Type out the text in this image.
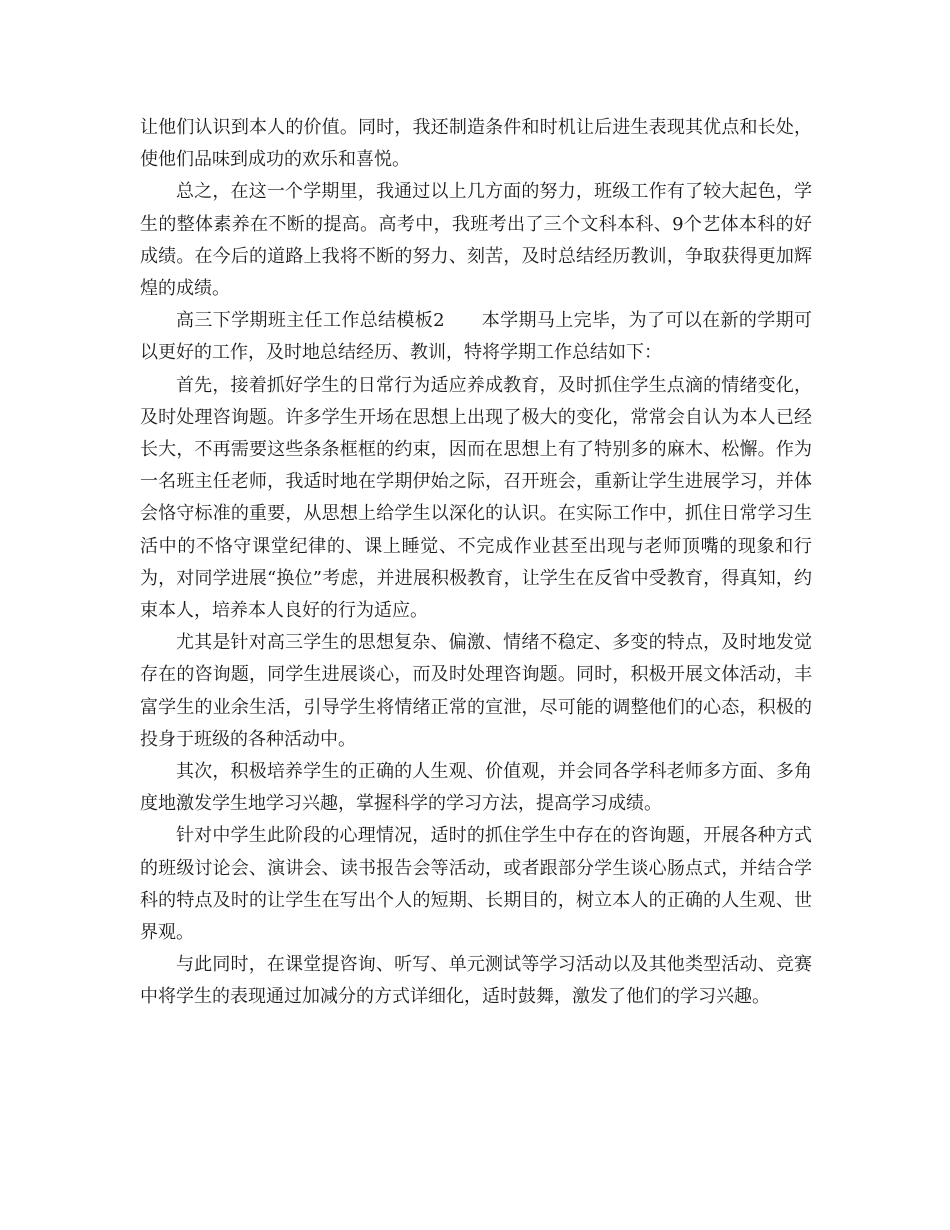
让他们认识到本人的价值。同时，我还制造条件和时机让后进生表现其优点和长处，使他们品味到成功的欢乐和喜悦。

总之，在这一个学期里，我通过以上几方面的努力，班级工作有了较大起色，学生的整体素养在不断的提高。高考中，我班考出了三个文科本科、9个艺体本科的好成绩。在今后的道路上我将不断的努力、刻苦，及时总结经历教训，争取获得更加辉煌的成绩。

高三下学期班主任工作总结模板2　　本学期马上完毕，为了可以在新的学期可以更好的工作，及时地总结经历、教训，特将学期工作总结如下：

首先，接着抓好学生的日常行为适应养成教育，及时抓住学生点滴的情绪变化，及时处理咨询题。许多学生开场在思想上出现了极大的变化，常常会自认为本人已经长大，不再需要这些条条框框的约束，因而在思想上有了特别多的麻木、松懈。作为一名班主任老师，我适时地在学期伊始之际，召开班会，重新让学生进展学习，并体会恪守标准的重要，从思想上给学生以深化的认识。在实际工作中，抓住日常学习生活中的不恪守课堂纪律的、课上睡觉、不完成作业甚至出现与老师顶嘴的现象和行为，对同学进展“换位”考虑，并进展积极教育，让学生在反省中受教育，得真知，约束本人，培养本人良好的行为适应。

尤其是针对高三学生的思想复杂、偏激、情绪不稳定、多变的特点，及时地发觉存在的咨询题，同学生进展谈心，而及时处理咨询题。同时，积极开展文体活动，丰富学生的业余生活，引导学生将情绪正常的宣泄，尽可能的调整他们的心态，积极的投身于班级的各种活动中。

其次，积极培养学生的正确的人生观、价值观，并会同各学科老师多方面、多角度地激发学生地学习兴趣，掌握科学的学习方法，提高学习成绩。

针对中学生此阶段的心理情况，适时的抓住学生中存在的咨询题，开展各种方式的班级讨论会、演讲会、读书报告会等活动，或者跟部分学生谈心肠点式，并结合学科的特点及时的让学生在写出个人的短期、长期目的，树立本人的正确的人生观、世界观。

与此同时，在课堂提咨询、听写、单元测试等学习活动以及其他类型活动、竞赛中将学生的表现通过加减分的方式详细化，适时鼓舞，激发了他们的学习兴趣。
